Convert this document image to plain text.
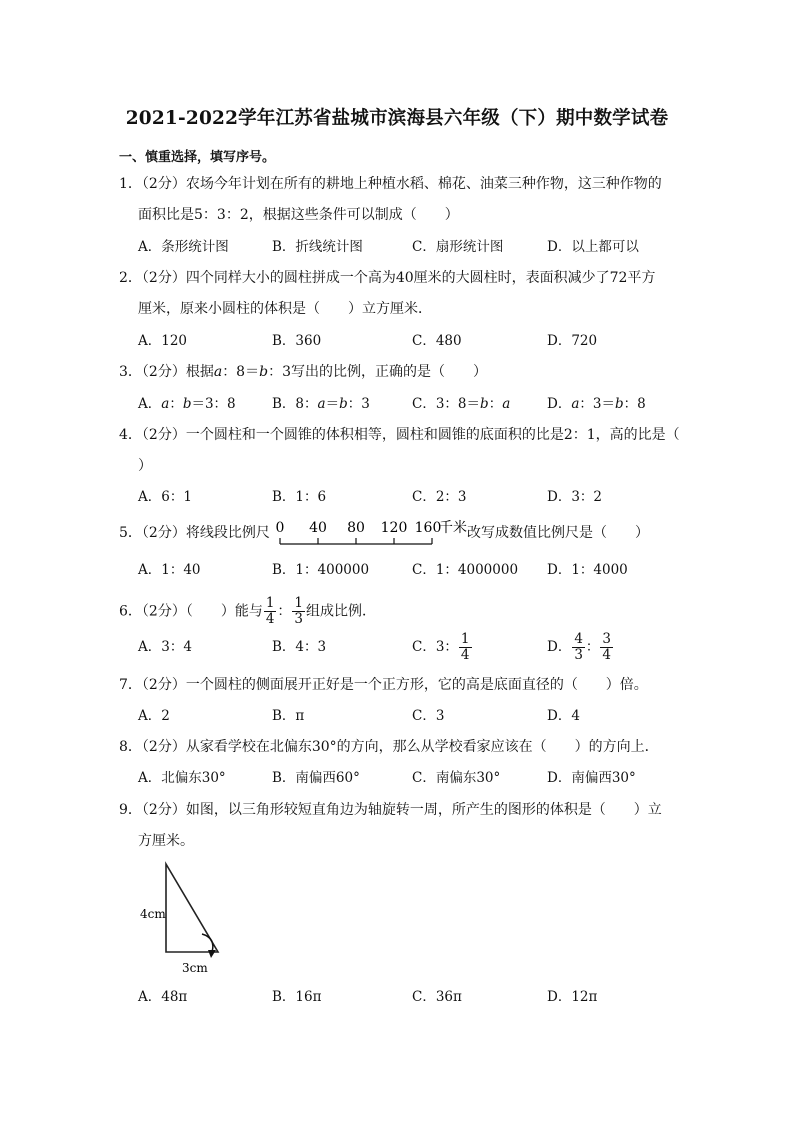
2021-2022学年江苏省盐城市滨海县六年级（下）期中数学试卷
一、慎重选择，填写序号。
1．（2分）农场今年计划在所有的耕地上种植水稻、棉花、油菜三种作物，这三种作物的
面积比是5：3：2，根据这些条件可以制成（　　）
A．条形统计图	B．折线统计图	C．扇形统计图	D．以上都可以
2．（2分）四个同样大小的圆柱拼成一个高为40厘米的大圆柱时，表面积减少了72平方
厘米，原来小圆柱的体积是（　　）立方厘米．
A．120	B．360	C．480	D．720
3．（2分）根据a：8＝b：3写出的比例，正确的是（　　）
A．a：b＝3：8	B．8：a＝b：3	C．3：8＝b：a	D．a：3＝b：8
4．（2分）一个圆柱和一个圆锥的体积相等，圆柱和圆锥的底面积的比是2：1，高的比是（
）
A．6：1	B．1：6	C．2：3	D．3：2
5．（2分）将线段比例尺 0 40 80 120 160
千米 改写成数值比例尺是（　　）
A．1：40	B．1：400000	C．1：4000000 D．1：4000
6．（2分）（　　）能与 $\frac{1}{4}$ ： $\frac{1}{3}$ 组成比例．
A．3：4	B．4：3	C．3： $\frac{1}{4}$	D． $\frac{4}{3}$ ： $\frac{3}{4}$
7．（2分）一个圆柱的侧面展开正好是一个正方形，它的高是底面直径的（　　）倍。
A．2	B．π	C．3	D．4
8．（2分）从家看学校在北偏东30°的方向，那么从学校看家应该在（　　）的方向上．
A．北偏东30°	B．南偏西60°	C．南偏东30°	D．南偏西30°
9．（2分）如图，以三角形较短直角边为轴旋转一周，所产生的图形的体积是（　　）立
方厘米。
4cm
3cm
A．48π	B．16π	C．36π	D．12π
